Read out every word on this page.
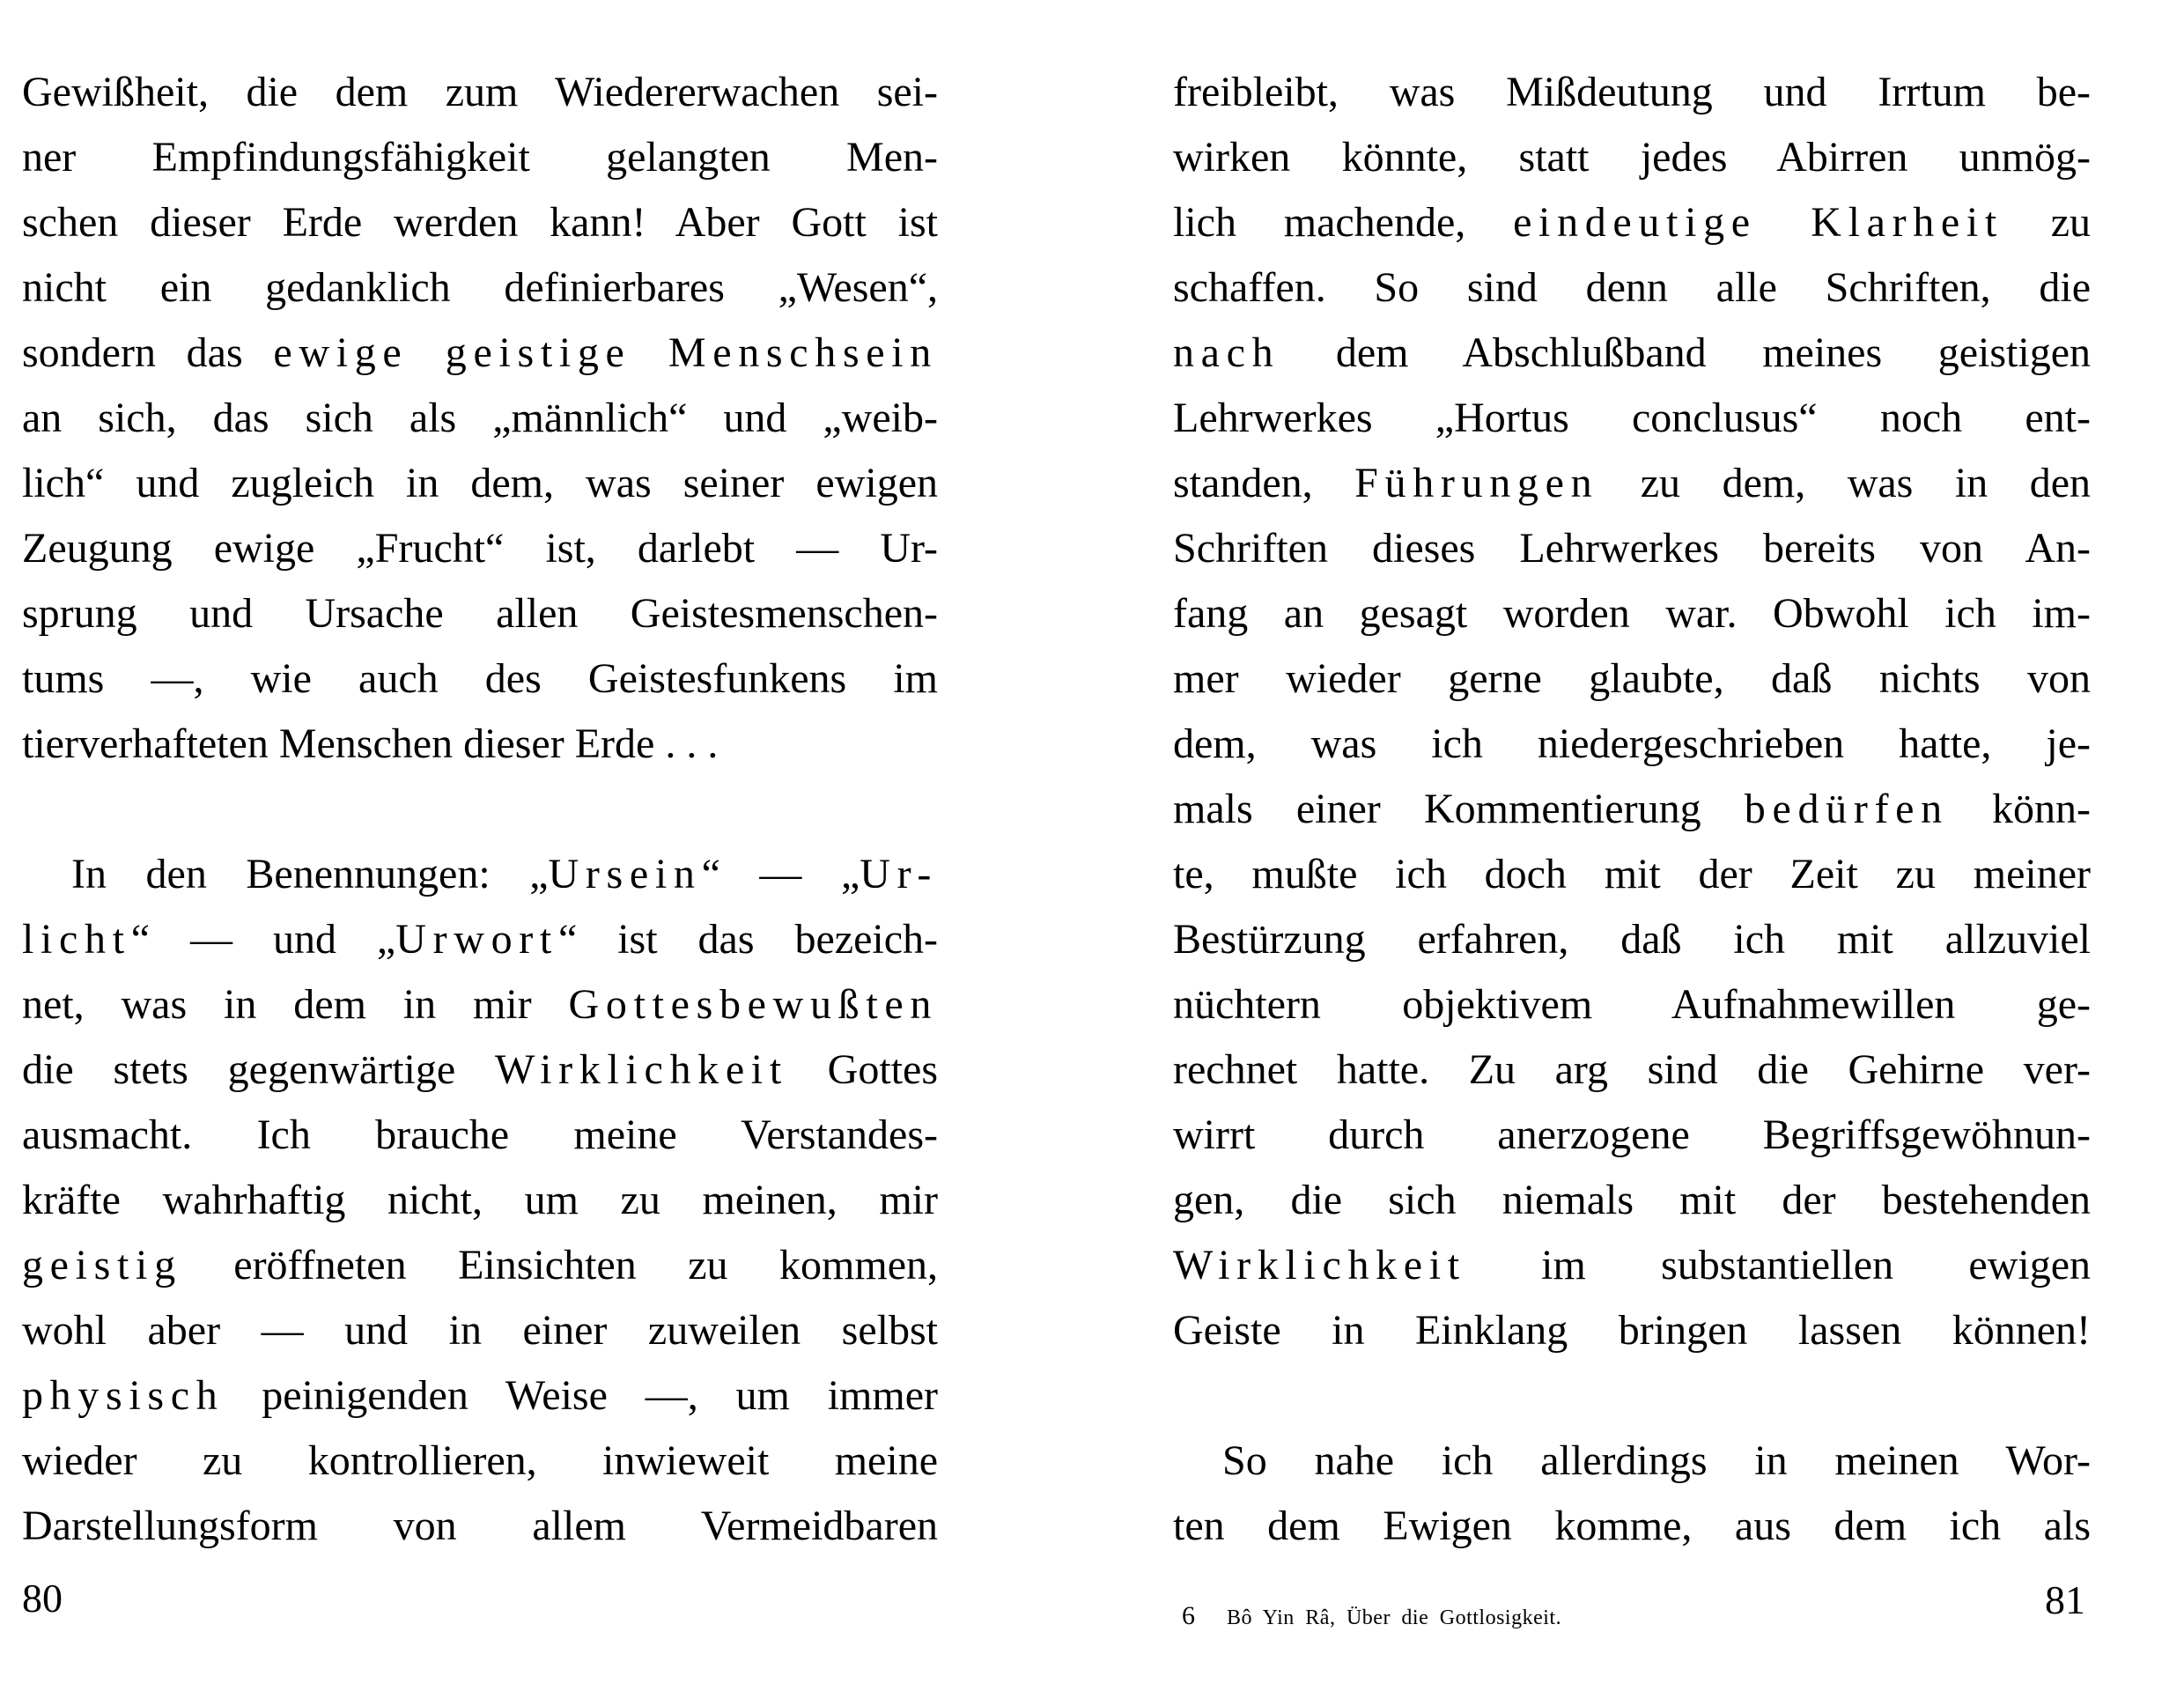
Gewißheit, die dem zum Wiedererwachen sei-
ner Empfindungsfähigkeit gelangten Men-
schen dieser Erde werden kann! Aber Gott ist
nicht ein gedanklich definierbares „Wesen“,
sondern das ewige geistige Menschsein
an sich, das sich als „männlich“ und „weib-
lich“ und zugleich in dem, was seiner ewigen
Zeugung ewige „Frucht“ ist, darlebt — Ur-
sprung und Ursache allen Geistesmenschen-
tums —, wie auch des Geistesfunkens im
tierverhafteten Menschen dieser Erde . . .
In den Benennungen: „Ursein“ — „Ur-
licht“ — und „Urwort“ ist das bezeich-
net, was in dem in mir Gottesbewußten
die stets gegenwärtige Wirklichkeit Gottes
ausmacht. Ich brauche meine Verstandes-
kräfte wahrhaftig nicht, um zu meinen, mir
geistig eröffneten Einsichten zu kommen,
wohl aber — und in einer zuweilen selbst
physisch peinigenden Weise —, um immer
wieder zu kontrollieren, inwieweit meine
Darstellungsform von allem Vermeidbaren
80
freibleibt, was Mißdeutung und Irrtum be-
wirken könnte, statt jedes Abirren unmög-
lich machende, eindeutige Klarheit zu
schaffen. So sind denn alle Schriften, die
nach dem Abschlußband meines geistigen
Lehrwerkes „Hortus conclusus“ noch ent-
standen, Führungen zu dem, was in den
Schriften dieses Lehrwerkes bereits von An-
fang an gesagt worden war. Obwohl ich im-
mer wieder gerne glaubte, daß nichts von
dem, was ich niedergeschrieben hatte, je-
mals einer Kommentierung bedürfen könn-
te, mußte ich doch mit der Zeit zu meiner
Bestürzung erfahren, daß ich mit allzuviel
nüchtern objektivem Aufnahmewillen ge-
rechnet hatte. Zu arg sind die Gehirne ver-
wirrt durch anerzogene Begriffsgewöhnun-
gen, die sich niemals mit der bestehenden
Wirklichkeit im substantiellen ewigen
Geiste in Einklang bringen lassen können!
So nahe ich allerdings in meinen Wor-
ten dem Ewigen komme, aus dem ich als
6 Bô Yin Râ, Über die Gottlosigkeit.	81
